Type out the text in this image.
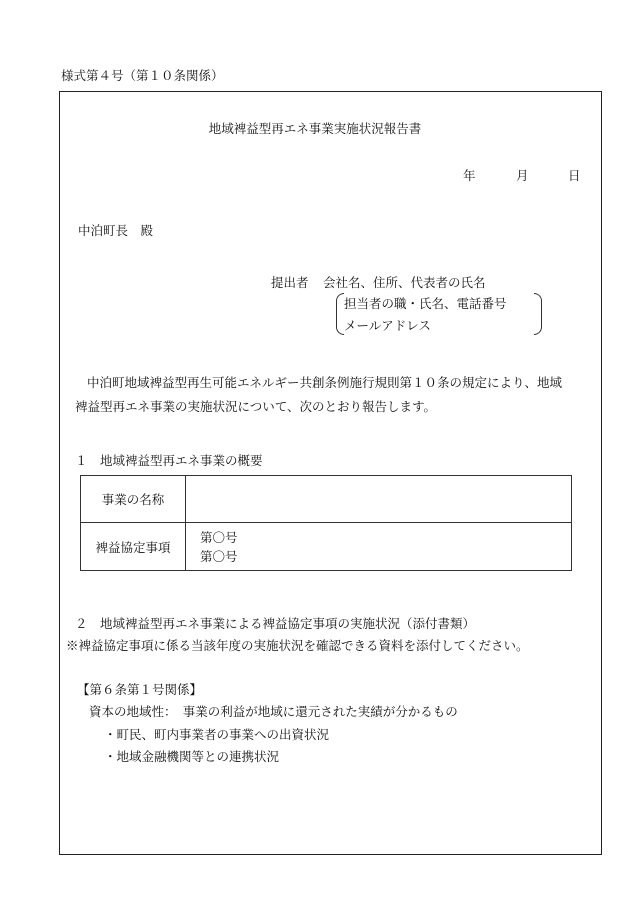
様式第４号（第１０条関係）
地域裨益型再エネ事業実施状況報告書
年	月	日
中泊町長　殿
提出者 会社名、住所、代表者の氏名
担当者の職・氏名、電話番号
メールアドレス
中泊町地域裨益型再生可能エネルギー共創条例施行規則第１０条の規定により、地域
裨益型再エネ事業の実施状況について、次のとおり報告します。
１　地域裨益型再エネ事業の概要
事業の名称	
裨益協定事項	第〇号
第〇号
２　地域裨益型再エネ事業による裨益協定事項の実施状況（添付書類）
※裨益協定事項に係る当該年度の実施状況を確認できる資料を添付してください。
【第６条第１号関係】
資本の地域性：　事業の利益が地域に還元された実績が分かるもの
・町民、町内事業者の事業への出資状況
・地域金融機関等との連携状況
